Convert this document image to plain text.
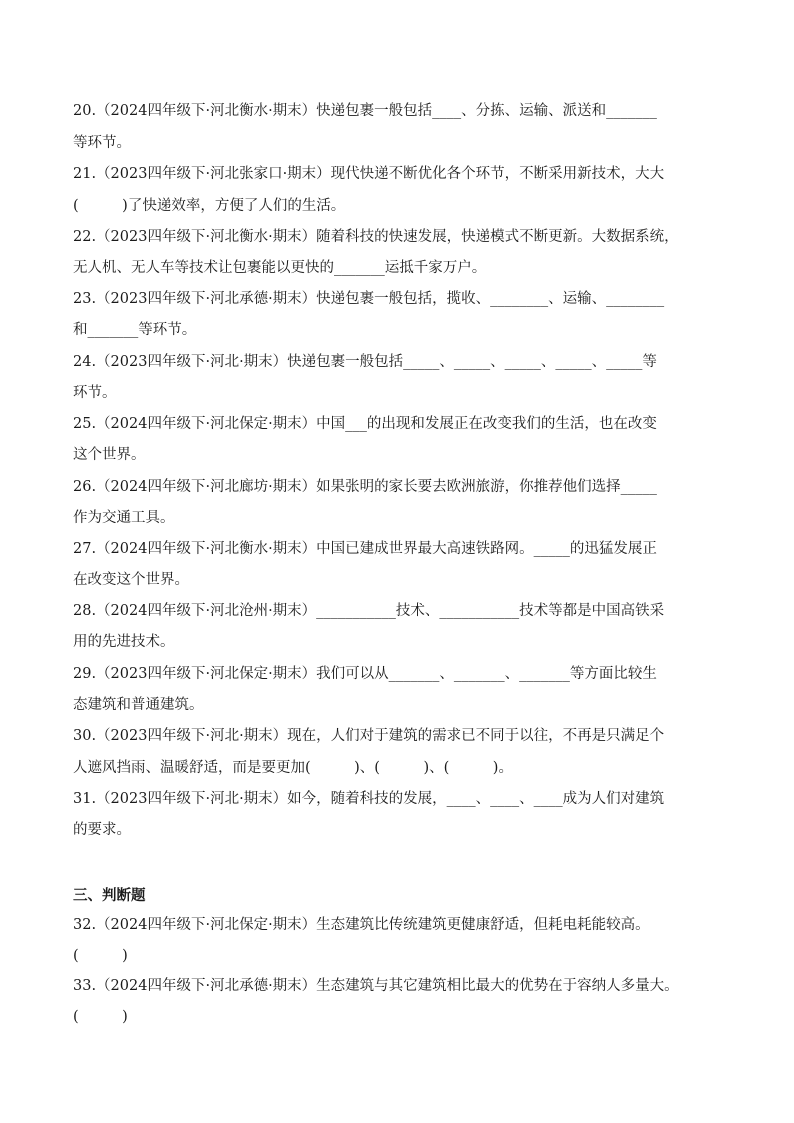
20.（2024四年级下·河北衡水·期末）快递包裹一般包括____、分拣、运输、派送和_______
等环节。
21.（2023四年级下·河北张家口·期末）现代快递不断优化各个环节，不断采用新技术，大大
(　　　)了快递效率，方便了人们的生活。
22.（2023四年级下·河北衡水·期末）随着科技的快速发展，快递模式不断更新。大数据系统，
无人机、无人车等技术让包裹能以更快的_______运抵千家万户。
23.（2023四年级下·河北承德·期末）快递包裹一般包括，揽收、________、运输、________
和_______等环节。
24.（2023四年级下·河北·期末）快递包裹一般包括_____、_____、_____、_____、_____等
环节。
25.（2024四年级下·河北保定·期末）中国___的出现和发展正在改变我们的生活，也在改变
这个世界。
26.（2024四年级下·河北廊坊·期末）如果张明的家长要去欧洲旅游，你推荐他们选择_____
作为交通工具。
27.（2024四年级下·河北衡水·期末）中国已建成世界最大高速铁路网。_____的迅猛发展正
在改变这个世界。
28.（2024四年级下·河北沧州·期末）___________技术、___________技术等都是中国高铁采
用的先进技术。
29.（2023四年级下·河北保定·期末）我们可以从_______、_______、_______等方面比较生
态建筑和普通建筑。
30.（2023四年级下·河北·期末）现在，人们对于建筑的需求已不同于以往，不再是只满足个
人遮风挡雨、温暖舒适，而是要更加(　　　)、(　　　)、(　　　)。
31.（2023四年级下·河北·期末）如今，随着科技的发展，____、____、____成为人们对建筑
的要求。
三、判断题
32.（2024四年级下·河北保定·期末）生态建筑比传统建筑更健康舒适，但耗电耗能较高。
(　　　)
33.（2024四年级下·河北承德·期末）生态建筑与其它建筑相比最大的优势在于容纳人多量大。
(　　　)
